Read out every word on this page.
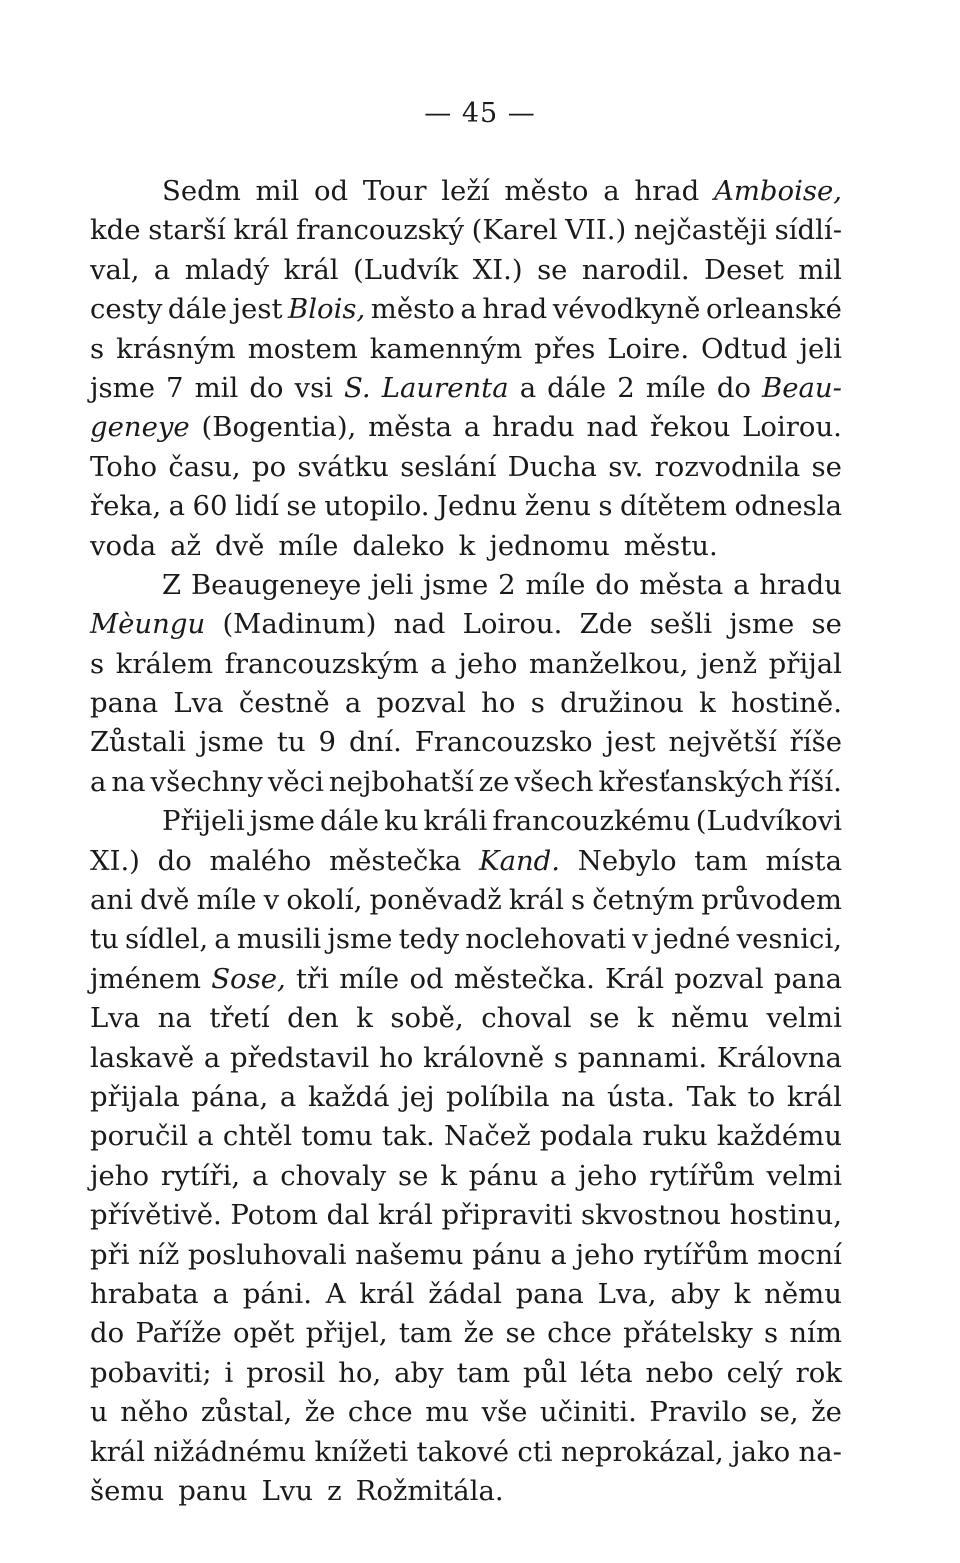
— 45 —
Sedm mil od Tour leží město a hrad Amboise,
kde starší král francouzský (Karel VII.) nejčastěji sídlí-
val, a mladý král (Ludvík XI.) se narodil. Deset mil
cesty dále jest Blois, město a hrad vévodkyně orleanské
s krásným mostem kamenným přes Loire. Odtud jeli
jsme 7 mil do vsi S. Laurenta a dále 2 míle do Beau-
geneye (Bogentia), města a hradu nad řekou Loirou.
Toho času, po svátku seslání Ducha sv. rozvodnila se
řeka, a 60 lidí se utopilo. Jednu ženu s dítětem odnesla
voda až dvě míle daleko k jednomu městu.
Z Beaugeneye jeli jsme 2 míle do města a hradu
Mèungu (Madinum) nad Loirou. Zde sešli jsme se
s králem francouzským a jeho manželkou, jenž přijal
pana Lva čestně a pozval ho s družinou k hostině.
Zůstali jsme tu 9 dní. Francouzsko jest největší říše
a na všechny věci nejbohatší ze všech křesťanských říší.
Přijeli jsme dále ku králi francouzkému (Ludvíkovi
XI.) do malého městečka Kand. Nebylo tam místa
ani dvě míle v okolí, poněvadž král s četným průvodem
tu sídlel, a musili jsme tedy noclehovati v jedné vesnici,
jménem Sose, tři míle od městečka. Král pozval pana
Lva na třetí den k sobě, choval se k němu velmi
laskavě a představil ho královně s pannami. Královna
přijala pána, a každá jej políbila na ústa. Tak to král
poručil a chtěl tomu tak. Načež podala ruku každému
jeho rytíři, a chovaly se k pánu a jeho rytířům velmi
přívětivě. Potom dal král připraviti skvostnou hostinu,
při níž posluhovali našemu pánu a jeho rytířům mocní
hrabata a páni. A král žádal pana Lva, aby k němu
do Paříže opět přijel, tam že se chce přátelsky s ním
pobaviti; i prosil ho, aby tam půl léta nebo celý rok
u něho zůstal, že chce mu vše učiniti. Pravilo se, že
král nižádnému knížeti takové cti neprokázal, jako na-
šemu panu Lvu z Rožmitála.
